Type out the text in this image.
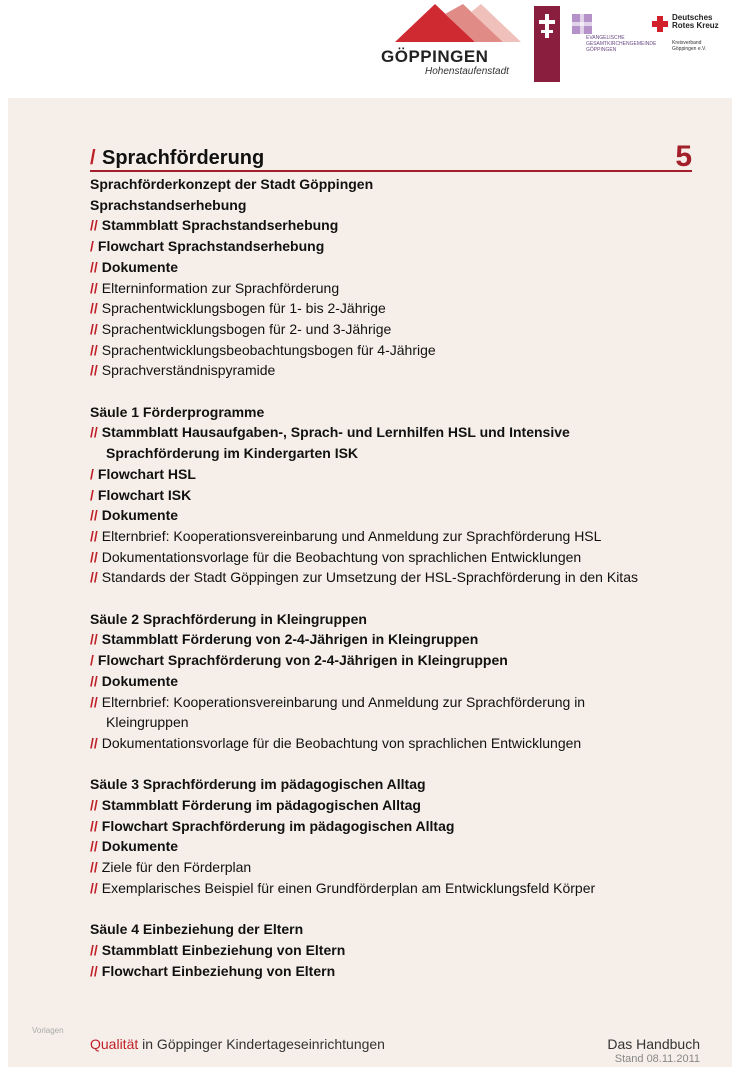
GÖPPINGEN
Hohenstaufenstadt
EVANGELISCHE GESAMTKIRCHENGEMEINDE GÖPPINGEN
Deutsches Rotes Kreuz
Kreisverband Göppingen e.V.
/ Sprachförderung	5
Sprachförderkonzept der Stadt Göppingen
Sprachstandserhebung
// Stammblatt Sprachstandserhebung
/ Flowchart Sprachstandserhebung
// Dokumente
// Elterninformation zur Sprachförderung
// Sprachentwicklungsbogen für 1- bis 2-Jährige
// Sprachentwicklungsbogen für 2- und 3-Jährige
// Sprachentwicklungsbeobachtungsbogen für 4-Jährige
// Sprachverständnispyramide
Säule 1 Förderprogramme
// Stammblatt Hausaufgaben-, Sprach- und Lernhilfen HSL und Intensive
Sprachförderung im Kindergarten ISK
/ Flowchart HSL
/ Flowchart ISK
// Dokumente
// Elternbrief: Kooperationsvereinbarung und Anmeldung zur Sprachförderung HSL
// Dokumentationsvorlage für die Beobachtung von sprachlichen Entwicklungen
// Standards der Stadt Göppingen zur Umsetzung der HSL-Sprachförderung in den Kitas
Säule 2 Sprachförderung in Kleingruppen
// Stammblatt Förderung von 2-4-Jährigen in Kleingruppen
/ Flowchart Sprachförderung von 2-4-Jährigen in Kleingruppen
// Dokumente
// Elternbrief: Kooperationsvereinbarung und Anmeldung zur Sprachförderung in
Kleingruppen
// Dokumentationsvorlage für die Beobachtung von sprachlichen Entwicklungen
Säule 3 Sprachförderung im pädagogischen Alltag
// Stammblatt Förderung im pädagogischen Alltag
// Flowchart Sprachförderung im pädagogischen Alltag
// Dokumente
// Ziele für den Förderplan
// Exemplarisches Beispiel für einen Grundförderplan am Entwicklungsfeld Körper
Säule 4 Einbeziehung der Eltern
// Stammblatt Einbeziehung von Eltern
// Flowchart Einbeziehung von Eltern
Vorlagen
Qualität in Göppinger Kindertageseinrichtungen	Das Handbuch
Stand 08.11.2011
